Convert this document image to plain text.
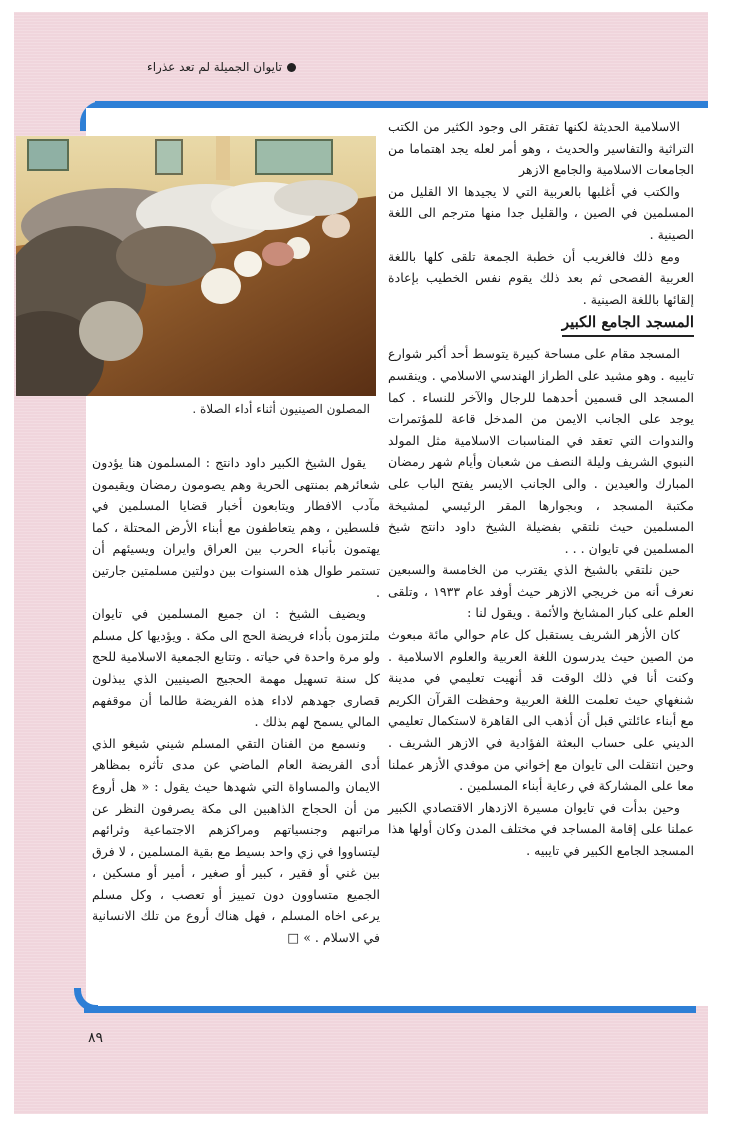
تايوان الجميلة لم تعد عذراء
المصلون الصينيون أثناء أداء الصلاة .

الاسلامية الحديثة لكنها تفتقر الى وجود الكثير من الكتب التراثية والتفاسير والحديث ، وهو أمر لعله يجد اهتماما من الجامعات الاسلامية والجامع الازهر

والكتب في أغلبها بالعربية التي لا يجيدها الا القليل من المسلمين في الصين ، والقليل جدا منها مترجم الى اللغة الصينية .

ومع ذلك فالغريب أن خطبة الجمعة تلقى كلها باللغة العربية الفصحى ثم بعد ذلك يقوم نفس الخطيب بإعادة إلقائها باللغة الصينية .

المسجد الجامع الكبير

المسجد مقام على مساحة كبيرة يتوسط أحد أكبر شوارع تايبيه . وهو مشيد على الطراز الهندسي الاسلامي . وينقسم المسجد الى قسمين أحدهما للرجال والآخر للنساء . كما يوجد على الجانب الايمن من المدخل قاعة للمؤتمرات والندوات التي تعقد في المناسبات الاسلامية مثل المولد النبوي الشريف وليلة النصف من شعبان وأيام شهر رمضان المبارك والعيدين . والى الجانب الايسر يفتح الباب على مكتبة المسجد ، وبجوارها المقر الرئيسي لمشيخة المسلمين حيث نلتقي بفضيلة الشيخ داود دانتج شيخ المسلمين في تايوان . . .

حين نلتقي بالشيخ الذي يقترب من الخامسة والسبعين نعرف أنه من خريجي الازهر حيث أوفد عام ١٩٣٣ ، وتلقى العلم على كبار المشايخ والأئمة . ويقول لنا :

كان الأزهر الشريف يستقبل كل عام حوالي مائة مبعوث من الصين حيث يدرسون اللغة العربية والعلوم الاسلامية . وكنت أنا في ذلك الوقت قد أنهيت تعليمي في مدينة شنغهاي حيث تعلمت اللغة العربية وحفظت القرآن الكريم مع أبناء عائلتي قبل أن أذهب الى القاهرة لاستكمال تعليمي الديني على حساب البعثة الفؤادية في الازهر الشريف . وحين انتقلت الى تايوان مع إخواني من موفدي الأزهر عملنا معا على المشاركة في رعاية أبناء المسلمين .

وحين بدأت في تايوان مسيرة الازدهار الاقتصادي الكبير عملنا على إقامة المساجد في مختلف المدن وكان أولها هذا المسجد الجامع الكبير في تايبيه .

يقول الشيخ الكبير داود دانتج : المسلمون هنا يؤدون شعائرهم بمنتهى الحرية وهم يصومون رمضان ويقيمون مآدب الافطار ويتابعون أخبار قضايا المسلمين في فلسطين ، وهم يتعاطفون مع أبناء الأرض المحتلة ، كما يهتمون بأنباء الحرب بين العراق وايران ويسيئهم أن تستمر طوال هذه السنوات بين دولتين مسلمتين جارتين .

ويضيف الشيخ : ان جميع المسلمين في تايوان ملتزمون بأداء فريضة الحج الى مكة . ويؤديها كل مسلم ولو مرة واحدة في حياته . وتتابع الجمعية الاسلامية للحج كل سنة تسهيل مهمة الحجيج الصينيين الذي يبذلون قصارى جهدهم لاداء هذه الفريضة طالما أن موقفهم المالي يسمح لهم بذلك .

ونسمع من الفنان التقي المسلم شيني شيغو الذي أدى الفريضة العام الماضي عن مدى تأثره بمظاهر الايمان والمساواة التي شهدها حيث يقول : « هل أروع من أن الحجاج الذاهبين الى مكة يصرفون النظر عن مراتبهم وجنسياتهم ومراكزهم الاجتماعية وثرائهم ليتساووا في زي واحد بسيط مع بقية المسلمين ، لا فرق بين غني أو فقير ، كبير أو صغير ، أمير أو مسكين ، الجميع متساوون دون تمييز أو تعصب ، وكل مسلم يرعى اخاه المسلم ، فهل هناك أروع من تلك الانسانية في الاسلام . » □

٨٩
